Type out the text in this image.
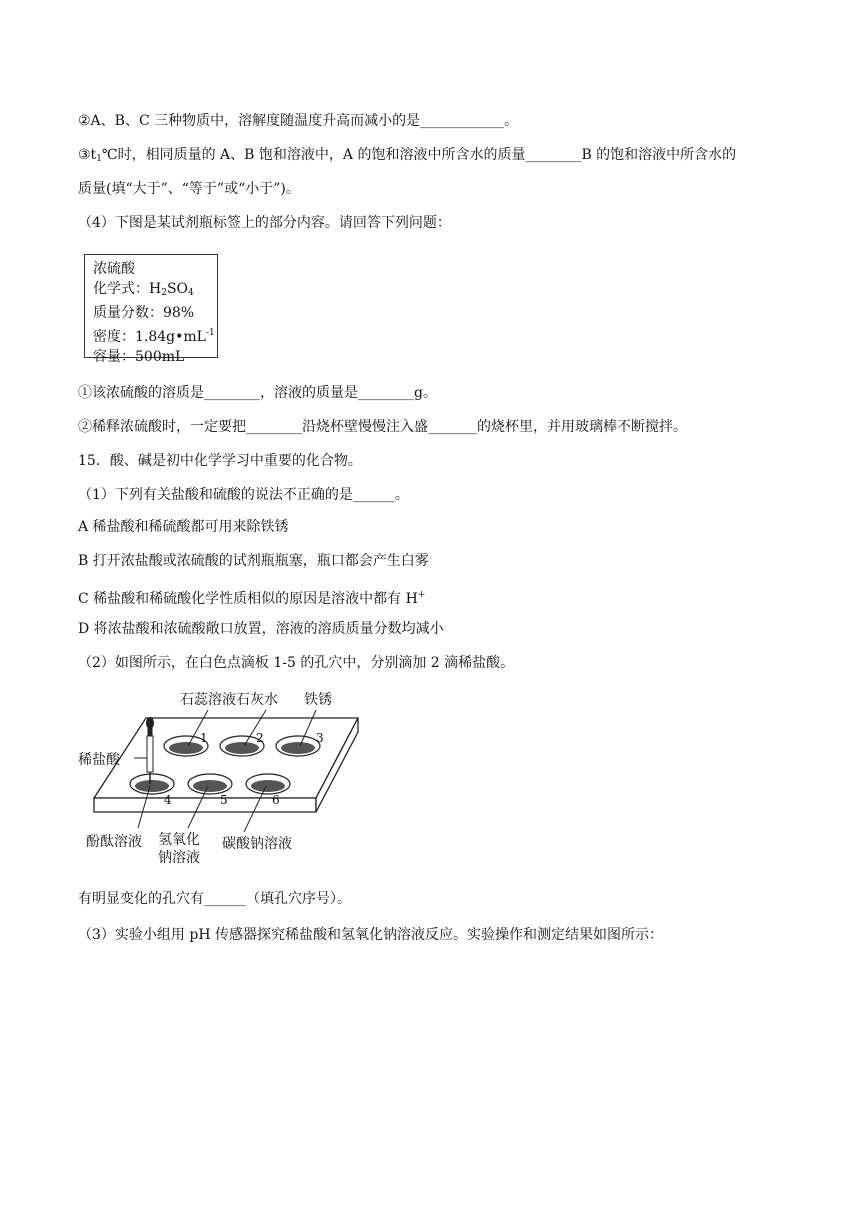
②A、B、C 三种物质中，溶解度随温度升高而减小的是____________。
$③t_1℃$时，相同质量的 A、B 饱和溶液中，A 的饱和溶液中所含水的质量________B 的饱和溶液中所含水的
质量(填“大于”、“等于”或“小于”)。
（4）下图是某试剂瓶标签上的部分内容。请回答下列问题：
浓硫酸
化学式：$H_2SO_4$
质量分数：98%
密度：$1.84g•mL^{-1}$
容量：500mL
①该浓硫酸的溶质是________，溶液的质量是________g。
②稀释浓硫酸时，一定要把________沿烧杯壁慢慢注入盛_______的烧杯里，并用玻璃棒不断搅拌。
15．酸、碱是初中化学学习中重要的化合物。
（1）下列有关盐酸和硫酸的说法不正确的是______。
A 稀盐酸和稀硫酸都可用来除铁锈
B 打开浓盐酸或浓硫酸的试剂瓶瓶塞，瓶口都会产生白雾
C 稀盐酸和稀硫酸化学性质相似的原因是溶液中都有 H+
D 将浓盐酸和浓硫酸敞口放置，溶液的溶质质量分数均减小
（2）如图所示，在白色点滴板 1-5 的孔穴中，分别滴加 2 滴稀盐酸。
1	2	3
4	5	6
石蕊溶液 石灰水 铁锈
稀盐酸
酚酞溶液 氢氧化
钠溶液
碳酸钠溶液
有明显变化的孔穴有______（填孔穴序号）。
（3）实验小组用 pH 传感器探究稀盐酸和氢氧化钠溶液反应。实验操作和测定结果如图所示：
